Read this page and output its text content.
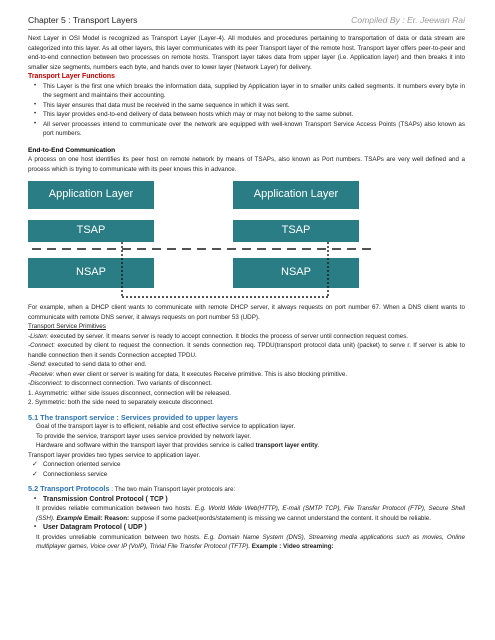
Chapter 5 : Transport Layers	Compiled By : Er. Jeewan Rai

Next Layer in OSI Model is recognized as Transport Layer (Layer-4). All modules and procedures pertaining to transportation of data or data stream are categorized into this layer. As all other layers, this layer communicates with its peer Transport layer of the remote host. Transport layer offers peer-to-peer and end-to-end connection between two processes on remote hosts. Transport layer takes data from upper layer (i.e. Application layer) and then breaks it into smaller size segments, numbers each byte, and hands over to lower layer (Network Layer) for delivery.

Transport Layer Functions
• This Layer is the first one which breaks the information data, supplied by Application layer in to smaller units called segments. It numbers every byte in the segment and maintains their accounting.
• This layer ensures that data must be received in the same sequence in which it was sent.
• This layer provides end-to-end delivery of data between hosts which may or may not belong to the same subnet.
• All server processes intend to communicate over the network are equipped with well-known Transport Service Access Points (TSAPs) also known as port numbers.
End-to-End Communication

A process on one host identifies its peer host on remote network by means of TSAPs, also known as Port numbers. TSAPs are very well defined and a process which is trying to communicate with its peer knows this in advance.

Application Layer	Application Layer
TSAP	TSAP
NSAP	NSAP

For example, when a DHCP client wants to communicate with remote DHCP server, it always requests on port number 67. When a DNS client wants to communicate with remote DNS server, it always requests on port number 53 (UDP).

Transport Service Primitives

-Listen: executed by server. It means server is ready to accept connection. It blocks the process of server until connection request comes.

-Connect: executed by client to request the connection. It sends connection req. TPDU(transport protocol data unit) (packet) to serve r. If server is able to handle connection then it sends Connection accepted TPDU.

-Send: executed to send data to other end.

-Receive: when ever client or server is waiting for data, It executes Receive primitive. This is also blocking primitive.

-Disconnect: to disconnect connection. Two variants of disconnect.

1. Asymmetric: either side issues disconnect, connection will be released.

2. Symmetric: both the side need to separately execute disconnect.

5.1 The transport service : Services provided to upper layers

Goal of the transport layer is to efficient, reliable and cost effective service to application layer.

To provide the service, transport layer uses service provided by network layer.

Hardware and software within the transport layer that provides service is called transport layer entity.

Transport layer provides two types service to application layer.

✓ Connection oriented service
✓ Connectionless service
5.2 Transport Protocols : The two main Transport layer protocols are:
• Transmission Control Protocol ( TCP )

It provides reliable communication between two hosts. E.g. World Wide Web(HTTP), E-mail (SMTP TCP), File Transfer Protocol (FTP), Secure Shell (SSH). Example Email: Reason: suppose if some packet(words/statement) is missing we cannot understand the content. It should be reliable.

• User Datagram Protocol ( UDP )

It provides unreliable communication between two hosts. E.g. Domain Name System (DNS), Streaming media applications such as movies, Online multiplayer games, Voice over IP (VoIP), Trivial File Transfer Protocol (TFTP). Example : Video streaming:
